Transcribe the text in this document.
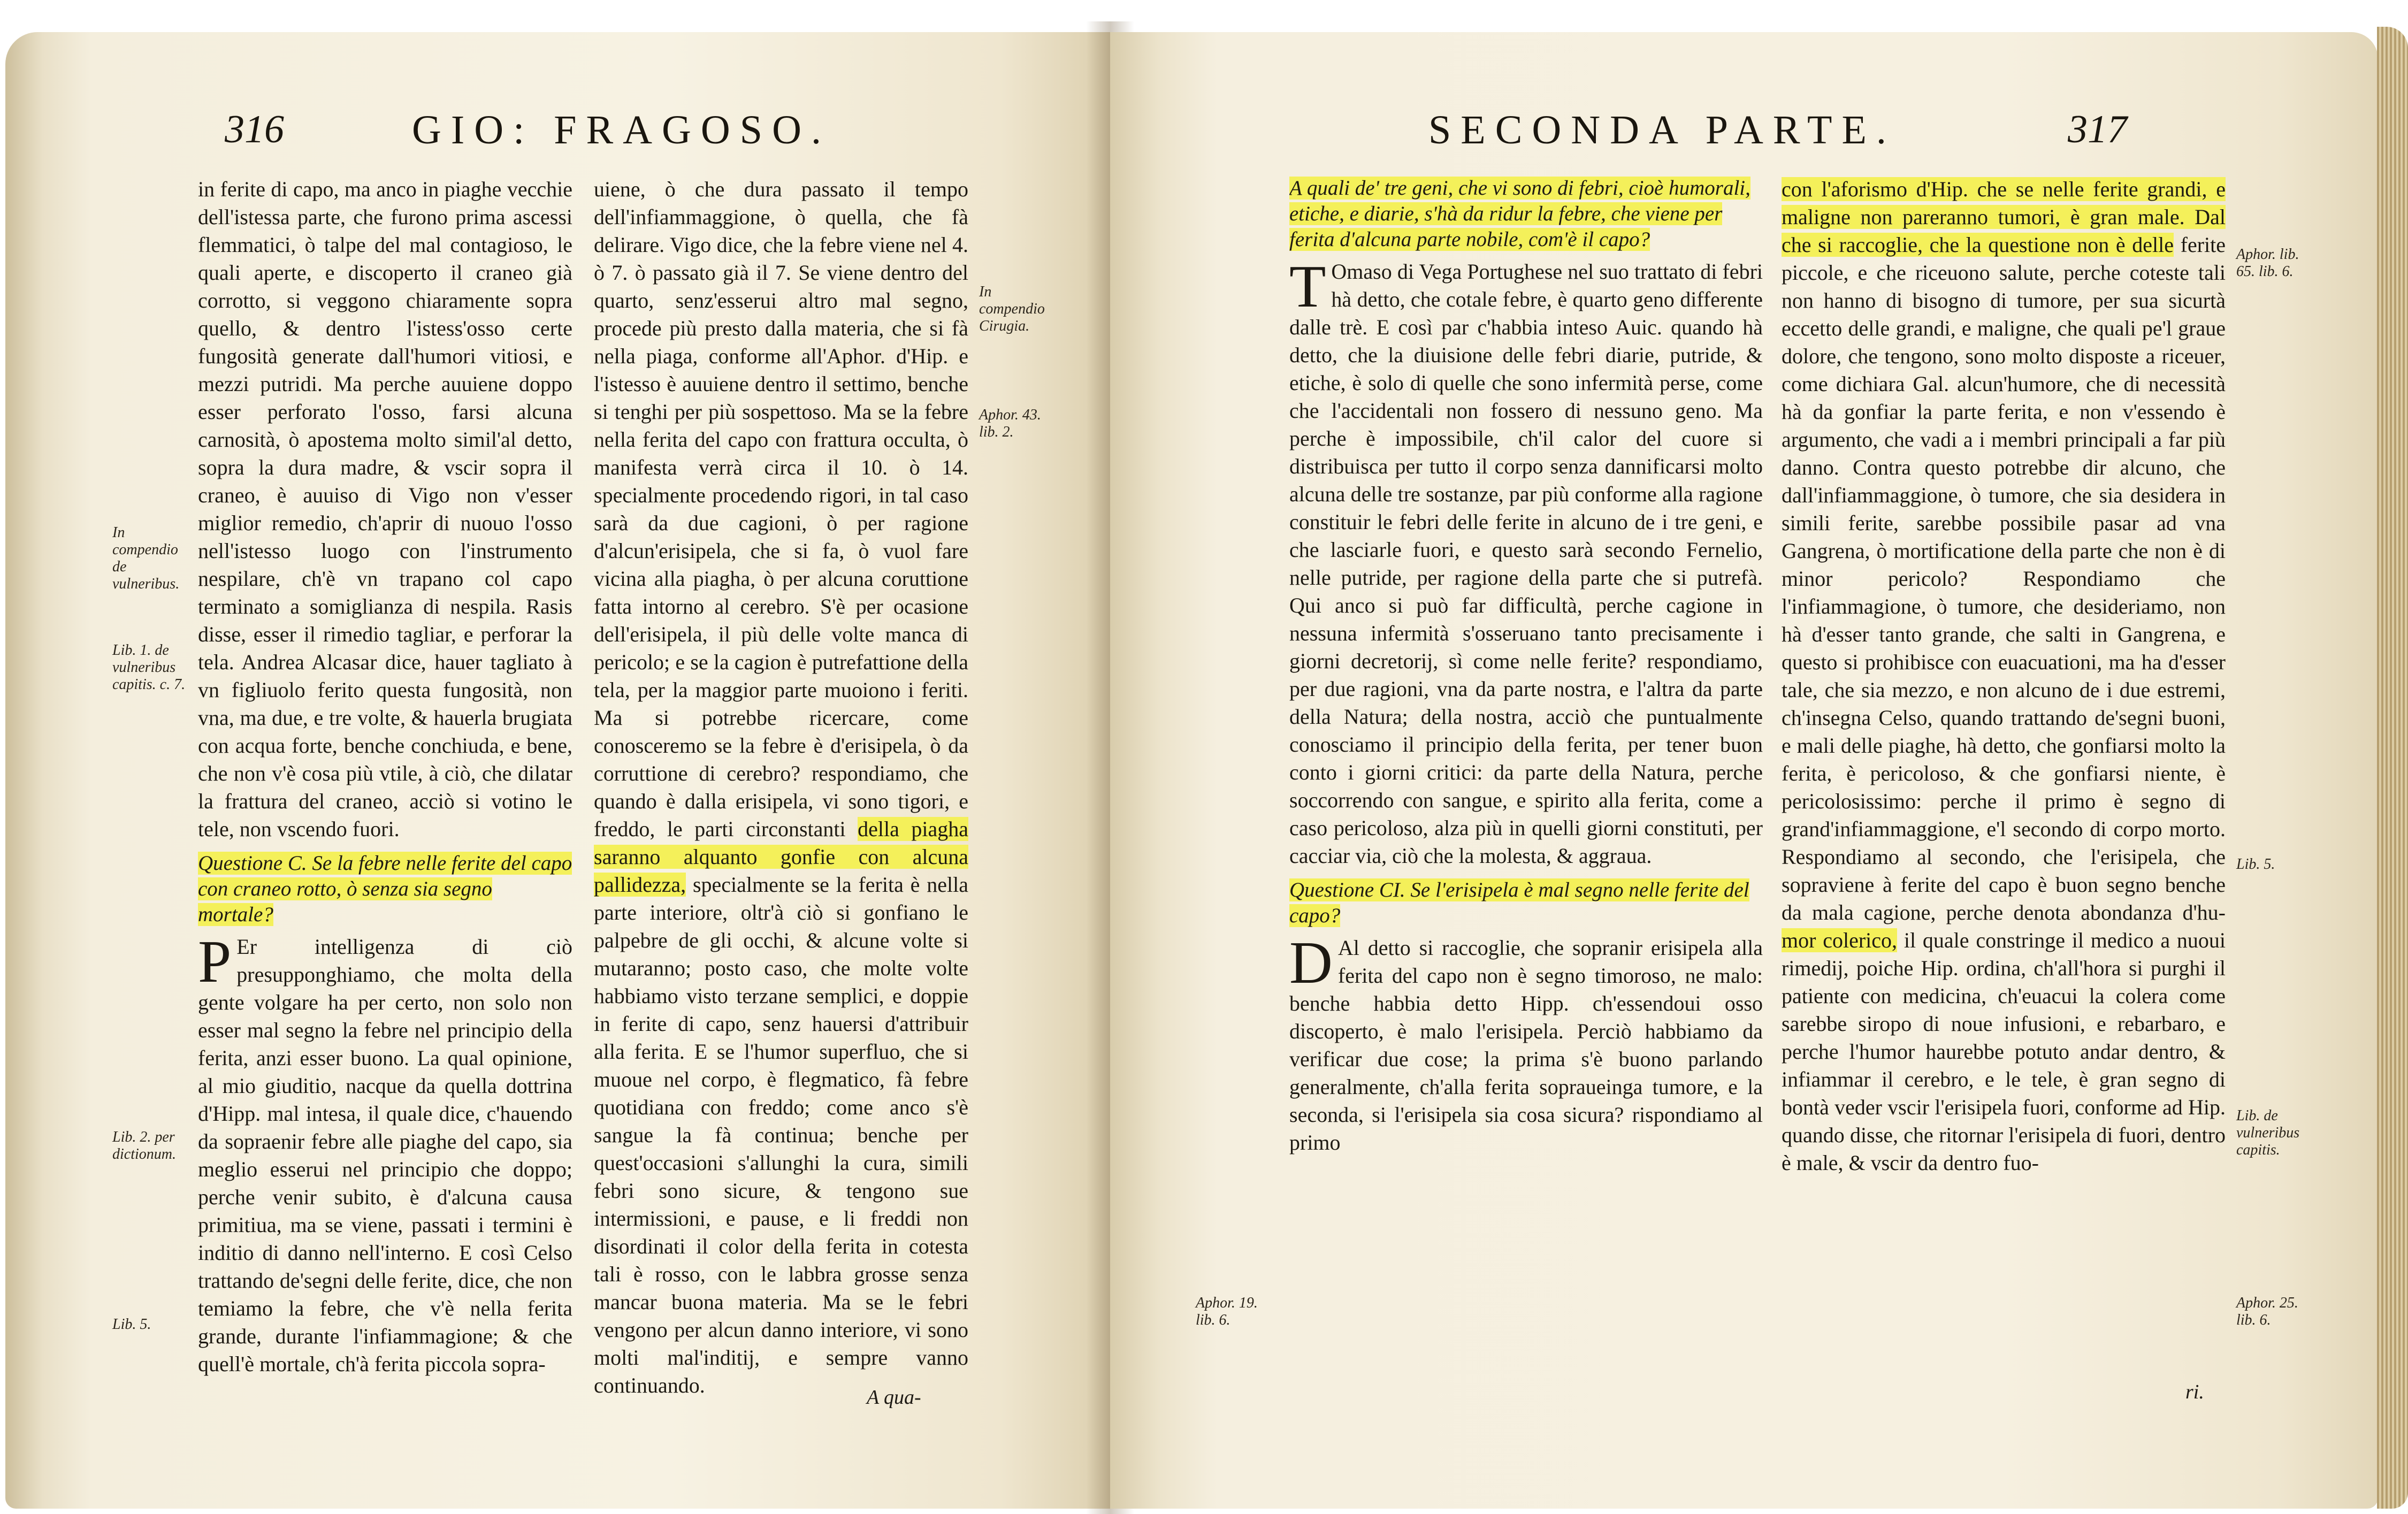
GIO: FRAGOSO.
316

in ferite di capo, ma anco in piaghe vecchie dell'istessa parte, che furono prima ascessi flemmatici, ò talpe del mal contagioso, le quali aperte, e discoperto il craneo già corrotto, si veggono chiaramente sopra quello, & dentro l'istess'osso certe fungosità generate dall'humori vitiosi, e mezzi putridi. Ma perche auuiene doppo esser perforato l'osso, farsi alcuna carnosità, ò apostema molto simil'al detto, sopra la dura madre, & vscir sopra il craneo, è auuiso di Vigo non v'esser miglior remedio, ch'aprir di nuouo l'osso nell'istesso luogo con l'instrumento nespilare, ch'è vn trapano col capo terminato a somiglianza di nespila. Rasis disse, esser il rimedio tagliar, e perforar la tela. Andrea Alcasar dice, hauer tagliato à vn figliuolo ferito questa fungosità, non vna, ma due, e tre volte, & hauerla brugiata con acqua forte, benche conchiuda, e bene, che non v'è cosa più vtile, à ciò, che dilatar la frattura del craneo, acciò si votino le tele, non vscendo fuori.

Questione C. Se la febre nelle ferite del capo con craneo rotto, ò senza sia segno mortale?

P Er intelligenza di ciò presupponghiamo, che molta della gente volgare ha per certo, non solo non esser mal segno la febre nel principio della ferita, anzi esser buono. La qual opinione, al mio giuditio, nacque da quella dottrina d'Hipp. mal intesa, il quale dice, c'hauendo da sopraenir febre alle piaghe del capo, sia meglio esserui nel principio che doppo; perche venir subito, è d'alcuna causa primitiua, ma se viene, passati i termini è inditio di danno nell'interno. E così Celso trattando de'segni delle ferite, dice, che non temiamo la febre, che v'è nella ferita grande, durante l'infiammagione; & che quell'è mortale, ch'à ferita piccola sopra-

uiene, ò che dura passato il tempo dell'infiammaggione, ò quella, che fà delirare. Vigo dice, che la febre viene nel 4. ò 7. ò passato già il 7. Se viene dentro del quarto, senz'esserui altro mal segno, procede più presto dalla materia, che si fà nella piaga, conforme all'Aphor. d'Hip. e l'istesso è auuiene dentro il settimo, benche si tenghi per più sospettoso. Ma se la febre nella ferita del capo con frattura occulta, ò manifesta verrà circa il 10. ò 14. specialmente procedendo rigori, in tal caso sarà da due cagioni, ò per ragione d'alcun'erisipela, che si fa, ò vuol fare vicina alla piagha, ò per alcuna coruttione fatta intorno al cerebro. S'è per ocasione dell'erisipela, il più delle volte manca di pericolo; e se la cagion è putrefattione della tela, per la maggior parte muoiono i feriti. Ma si potrebbe ricercare, come conosceremo se la febre è d'erisipela, ò da corruttione di cerebro? respondiamo, che quando è dalla erisipela, vi sono tigori, e freddo, le parti circonstanti della piagha saranno alquanto gonfie con alcuna pallidezza, specialmente se la ferita è nella parte interiore, oltr'à ciò si gonfiano le palpebre de gli occhi, & alcune volte si mutaranno; posto caso, che molte volte habbiamo visto terzane semplici, e doppie in ferite di capo, senz hauersi d'attribuir alla ferita. E se l'humor superfluo, che si muoue nel corpo, è flegmatico, fà febre quotidiana con freddo; come anco s'è sangue la fà continua; benche per quest'occasioni s'allunghi la cura, simili febri sono sicure, & tengono sue intermissioni, e pause, e li freddi non disordinati il color della ferita in cotesta tali è rosso, con le labbra grosse senza mancar buona materia. Ma se le febri vengono per alcun danno interiore, vi sono molti mal'inditij, e sempre vanno continuando.	A qua-
In compendio Cirugia.
Aphor. 43. lib. 2.
In compendio de vulneribus.
Lib. 1. de vulneribus capitis. c. 7.
Lib. 2. per dictionum.
Lib. 5.
SECONDA PARTE.	317

A quali de' tre geni, che vi sono di febri, cioè humorali, etiche, e diarie, s'hà da ridur la febre, che viene per ferita d'alcuna parte nobile, com'è il capo?

T Omaso di Vega Portughese nel suo trattato di febri hà detto, che cotale febre, è quarto geno differente dalle trè. E così par c'habbia inteso Auic. quando hà detto, che la diuisione delle febri diarie, putride, & etiche, è solo di quelle che sono infermità perse, come che l'accidentali non fossero di nessuno geno. Ma perche è impossibile, ch'il calor del cuore si distribuisca per tutto il corpo senza dannificarsi molto alcuna delle tre sostanze, par più conforme alla ragione constituir le febri delle ferite in alcuno de i tre geni, e che lasciarle fuori, e questo sarà secondo Fernelio, nelle putride, per ragione della parte che si putrefà. Qui anco si può far difficultà, perche cagione in nessuna infermità s'osseruano tanto precisamente i giorni decretorij, sì come nelle ferite? respondiamo, per due ragioni, vna da parte nostra, e l'altra da parte della Natura; della nostra, acciò che puntualmente conosciamo il principio della ferita, per tener buon conto i giorni critici: da parte della Natura, perche soccorrendo con sangue, e spirito alla ferita, come a caso pericoloso, alza più in quelli giorni constituti, per cacciar via, ciò che la molesta, & aggraua.

Questione CI. Se l'erisipela è mal segno nelle ferite del capo?

D Al detto si raccoglie, che sopranir erisipela alla ferita del capo non è segno timoroso, ne malo: benche habbia detto Hipp. ch'essendoui osso discoperto, è malo l'erisipela. Perciò habbiamo da verificar due cose; la prima s'è buono parlando generalmente, ch'alla ferita sopraueinga tumore, e la seconda, si l'erisipela sia cosa sicura? rispondiamo al primo

con l'aforismo d'Hip. che se nelle ferite grandi, e maligne non pareranno tumori, è gran male. Dal che si raccoglie, che la questione non è delle ferite piccole, e che riceuono salute, perche coteste tali non hanno di bisogno di tumore, per sua sicurtà eccetto delle grandi, e maligne, che quali pe'l graue dolore, che tengono, sono molto disposte a riceuer, come dichiara Gal. alcun'humore, che di necessità hà da gonfiar la parte ferita, e non v'essendo è argumento, che vadi a i membri principali a far più danno. Contra questo potrebbe dir alcuno, che dall'infiammaggione, ò tumore, che sia desidera in simili ferite, sarebbe possibile pasar ad vna Gangrena, ò mortificatione della parte che non è di minor pericolo? Respondiamo che l'infiammagione, ò tumore, che desideriamo, non hà d'esser tanto grande, che salti in Gangrena, e questo si prohibisce con euacuationi, ma ha d'esser tale, che sia mezzo, e non alcuno de i due estremi, ch'insegna Celso, quando trattando de'segni buoni, e mali delle piaghe, hà detto, che gonfiarsi molto la ferita, è pericoloso, & che gonfiarsi niente, è pericolosissimo: perche il primo è segno di grand'infiammaggione, e'l secondo di corpo morto. Respondiamo al secondo, che l'erisipela, che sopraviene à ferite del capo è buon segno benche da mala cagione, perche denota abondanza d'hu- mor colerico, il quale constringe il medico a nuoui rimedij, poiche Hip. ordina, ch'all'hora si purghi il patiente con medicina, ch'euacui la colera come sarebbe siropo di noue infusioni, e rebarbaro, e perche l'humor haurebbe potuto andar dentro, & infiammar il cerebro, e le tele, è gran segno di bontà veder vscir l'erisipela fuori, conforme ad Hip. quando disse, che ritornar l'erisipela di fuori, dentro è male, & vscir da dentro fuo-

ri.
Aphor. lib. 65. lib. 6.
Lib. 5.
Lib. de vulneribus capitis.
Aphor. 25. lib. 6.
Aphor. 19. lib. 6.
